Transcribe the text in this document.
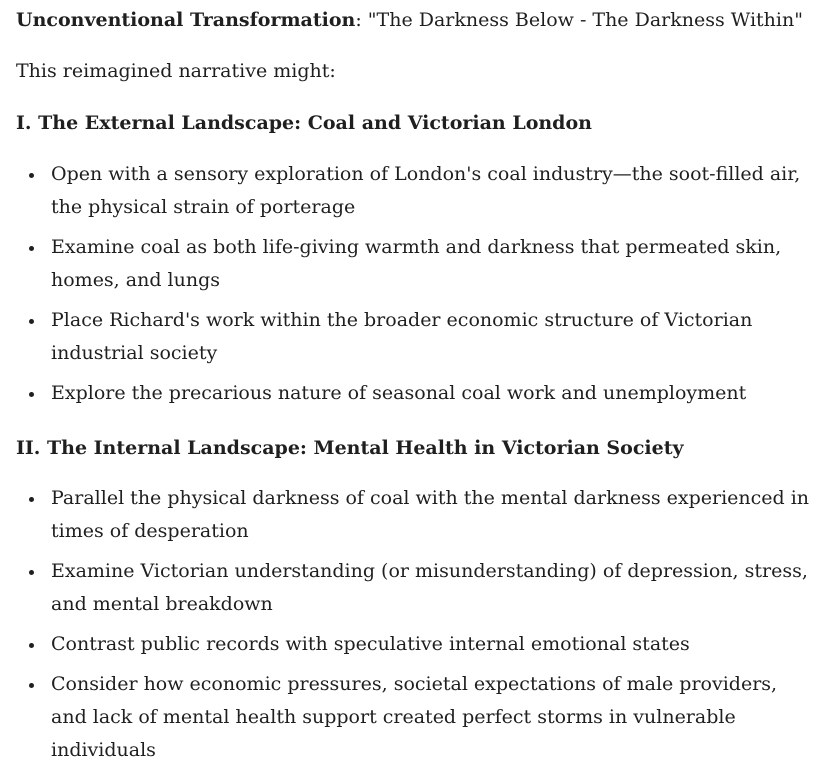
Unconventional Transformation: "The Darkness Below - The Darkness Within"
This reimagined narrative might:
I. The External Landscape: Coal and Victorian London
Open with a sensory exploration of London's coal industry—the soot-filled air, the physical strain of porterage
Examine coal as both life-giving warmth and darkness that permeated skin, homes, and lungs
Place Richard's work within the broader economic structure of Victorian industrial society
Explore the precarious nature of seasonal coal work and unemployment
II. The Internal Landscape: Mental Health in Victorian Society
Parallel the physical darkness of coal with the mental darkness experienced in times of desperation
Examine Victorian understanding (or misunderstanding) of depression, stress, and mental breakdown
Contrast public records with speculative internal emotional states
Consider how economic pressures, societal expectations of male providers, and lack of mental health support created perfect storms in vulnerable individuals
